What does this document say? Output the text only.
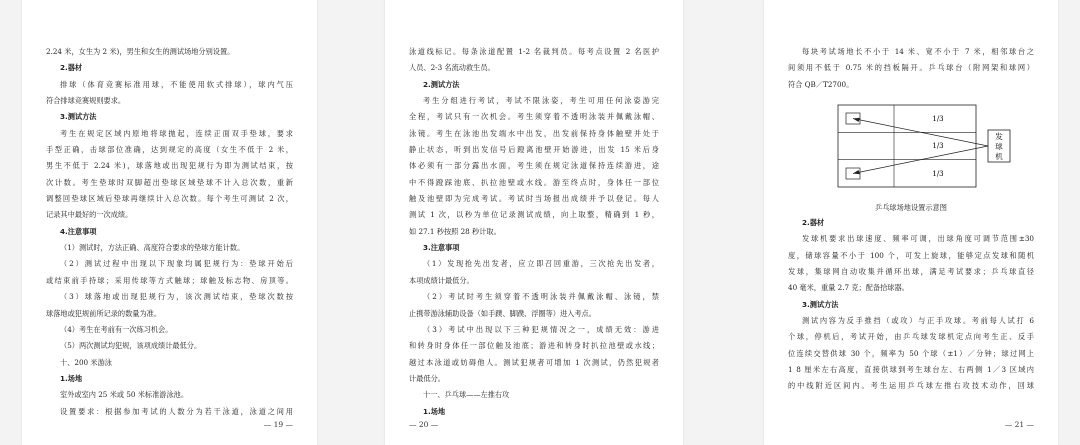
2.24 米，女生为 2 米)，男生和女生的测试场地分别设置。
2.器材
排球（体育竞赛标准用球，不能使用软式排球），球内气压
符合排球竞赛规则要求。
3.测试方法
考生在规定区域内原地将球抛起，连续正面双手垫球，要求
手型正确，击球部位准确，达到规定的高度（女生不低于 2 米，
男生不低于 2.24 米)，球落地或出现犯规行为即为测试结束，按
次计数。考生垫球时双脚超出垫球区域垫球不计入总次数，重新
调整回垫球区域后垫球再继续计入总次数。每个考生可测试 2 次，
记录其中最好的一次成绩。
4.注意事项
（1）测试时，方法正确、高度符合要求的垫球方能计数。
（2）测试过程中出现以下现象均属犯规行为：垫球开始后
或结束前手持球；采用传球等方式触球；球触及标志物、房顶等。
（3）球落地或出现犯规行为，该次测试结束，垫球次数按
球落地或犯规前所记录的数量为准。
（4）考生在考前有一次练习机会。
（5）两次测试均犯规，该项成绩计最低分。
十、200 米游泳
1.场地
室外或室内 25 米或 50 米标准游泳池。
设置要求：根据参加考试的人数分为若干泳道，泳道之间用
— 19 —
泳道线标记。每条泳道配置 1-2 名裁判员。每考点设置 2 名医护
人员、2-3 名流动救生员。
2.测试方法
考生分组进行考试，考试不限泳姿，考生可用任何泳姿游完
全程，考试只有一次机会。考生须穿着不透明泳装并佩戴泳帽、
泳镜。考生在泳池出发端水中出发，出发前保持身体触壁并处于
静止状态，听到出发信号后蹬离池壁开始游进，出发 15 米后身
体必须有一部分露出水面，考生须在规定泳道保持连续游进，途
中不得蹬踩池底、扒拉池壁或水线。游至终点时，身体任一部位
触及池壁即为完成考试。考试时当场报出成绩并予以登记。每人
测试 1 次，以秒为单位记录测试成绩，向上取整，精确到 1 秒，
如 27.1 秒按照 28 秒计取。
3.注意事项
（1）发现抢先出发者，应立即召回重游，三次抢先出发者，
本项成绩计最低分。
（2）考试时考生须穿着不透明泳装并佩戴泳帽、泳镜，禁
止携带游泳辅助设备（如手蹼、脚蹼、浮圈等）进入考点。
（3）考试中出现以下三种犯规情况之一，成绩无效：游进
和转身时身体任一部位触及池底；游进和转身时扒拉池壁或水线；
越过本泳道或妨碍他人。测试犯规者可增加 1 次测试，仍然犯规者
计最低分。
十一、乒乓球——左推右攻
1.场地
— 20 —
每块考试场地长不小于 14 米、宽不小于 7 米，相邻球台之
间须用不低于 0.75 米的挡板隔开。乒乓球台（附网架和球网）
符合 QB／T2700。
1/3
1/3
1/3
发
球
机
乒乓球场地设置示意图
2.器材
发球机要求出球速度、频率可调，出球角度可调节范围±30
度，储球容量不小于 100 个，可发上旋球，能够定点发球和随机
发球，集球网自动收集并循环出球，满足考试要求；乒乓球直径
40 毫米，重量 2.7 克；配备拾球器。
3.测试方法
测试内容为反手推挡（或攻）与正手攻球。考前每人试打 6
个球，停机后，考试开始，由乒乓球发球机定点向考生正、反手
位连续交替供球 30 个，频率为 50 个球（±1）／分钟；球过网上
1 8 厘米左右高度，直接供球到考生球台左、右两侧 1／3 区域内
的中线附近区间内。考生运用乒乓球左推右攻技术动作，回球
— 21 —
